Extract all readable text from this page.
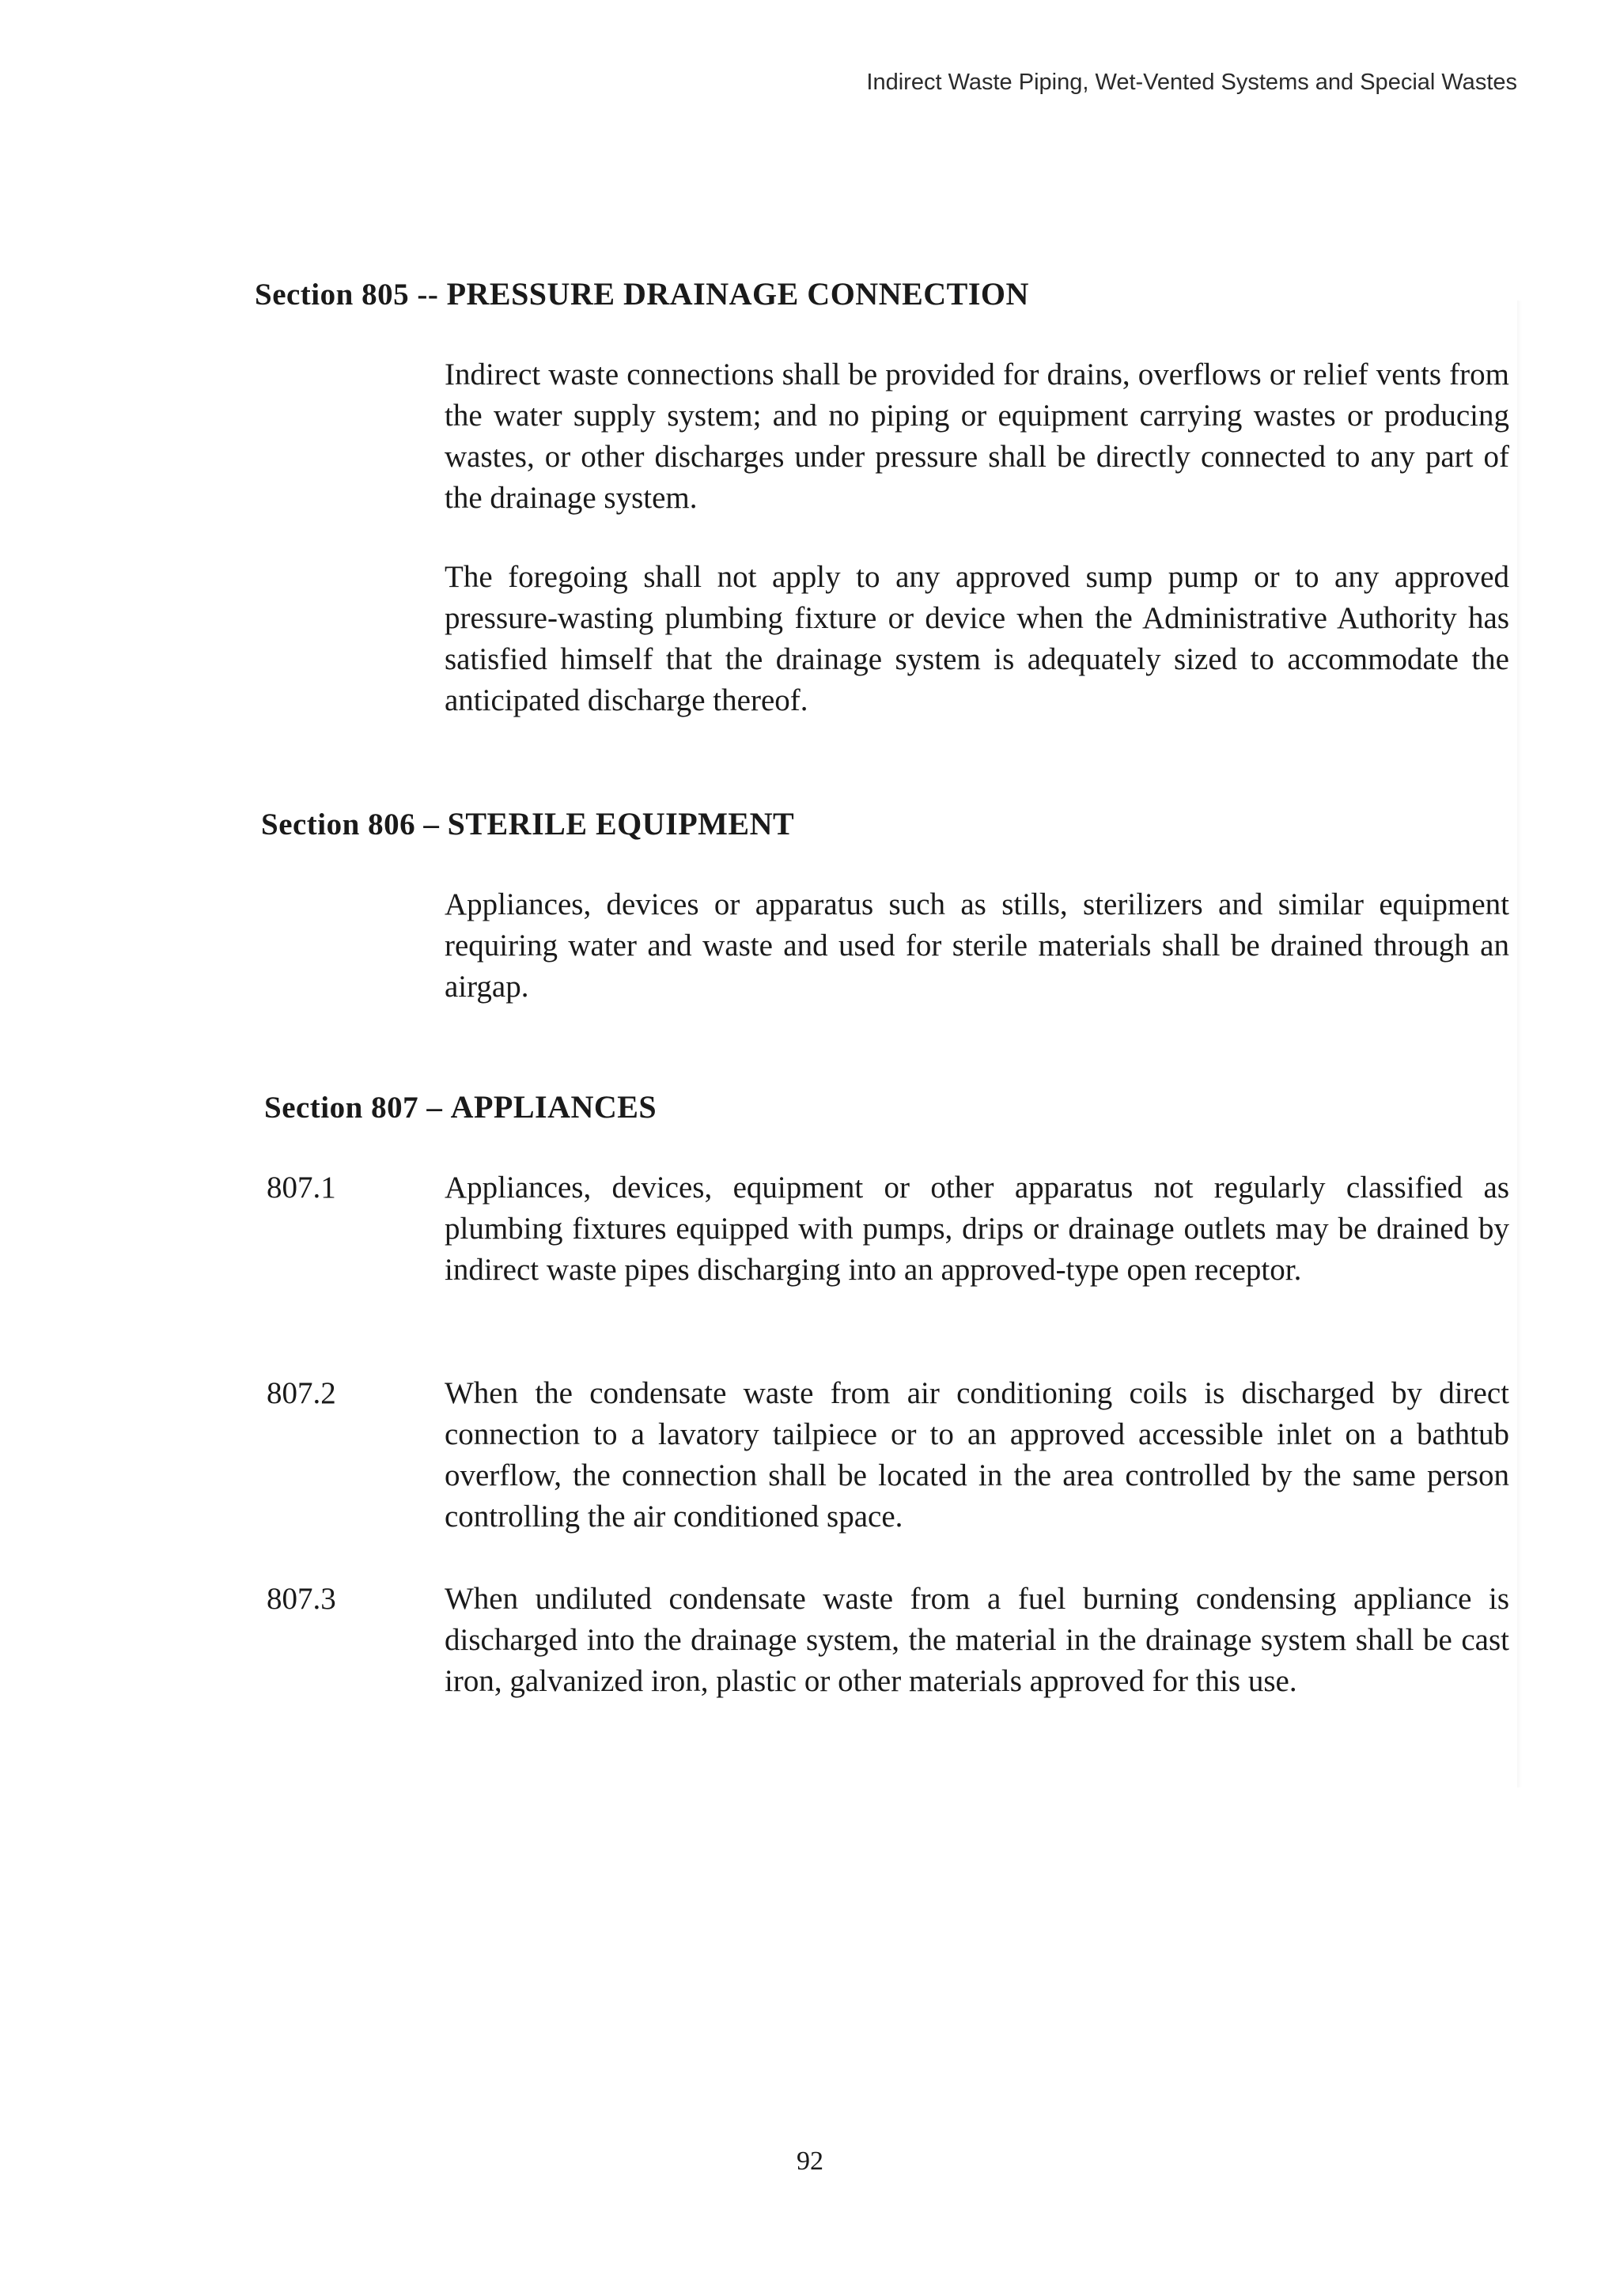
Indirect Waste Piping, Wet-Vented Systems and Special Wastes
Section 805 -- PRESSURE DRAINAGE CONNECTION

Indirect waste connections shall be provided for drains, overflows or relief vents from the water supply system; and no piping or equipment carrying wastes or producing wastes, or other discharges under pressure shall be directly connected to any part of the drainage system.

The foregoing shall not apply to any approved sump pump or to any approved pressure-wasting plumbing fixture or device when the Administrative Authority has satisfied himself that the drainage system is adequately sized to accommodate the anticipated discharge thereof.

Section 806 – STERILE EQUIPMENT

Appliances, devices or apparatus such as stills, sterilizers and similar equipment requiring water and waste and used for sterile materials shall be drained through an airgap.

Section 807 – APPLIANCES
807.1	Appliances, devices, equipment or other apparatus not regularly classified as plumbing fixtures equipped with pumps, drips or drainage outlets may be drained by indirect waste pipes discharging into an approved-type open receptor.

807.2	When the condensate waste from air conditioning coils is discharged by direct connection to a lavatory tailpiece or to an approved accessible inlet on a bathtub overflow, the connection shall be located in the area controlled by the same person controlling the air conditioned space.

807.3	When undiluted condensate waste from a fuel burning condensing appliance is discharged into the drainage system, the material in the drainage system shall be cast iron, galvanized iron, plastic or other materials approved for this use.

92
